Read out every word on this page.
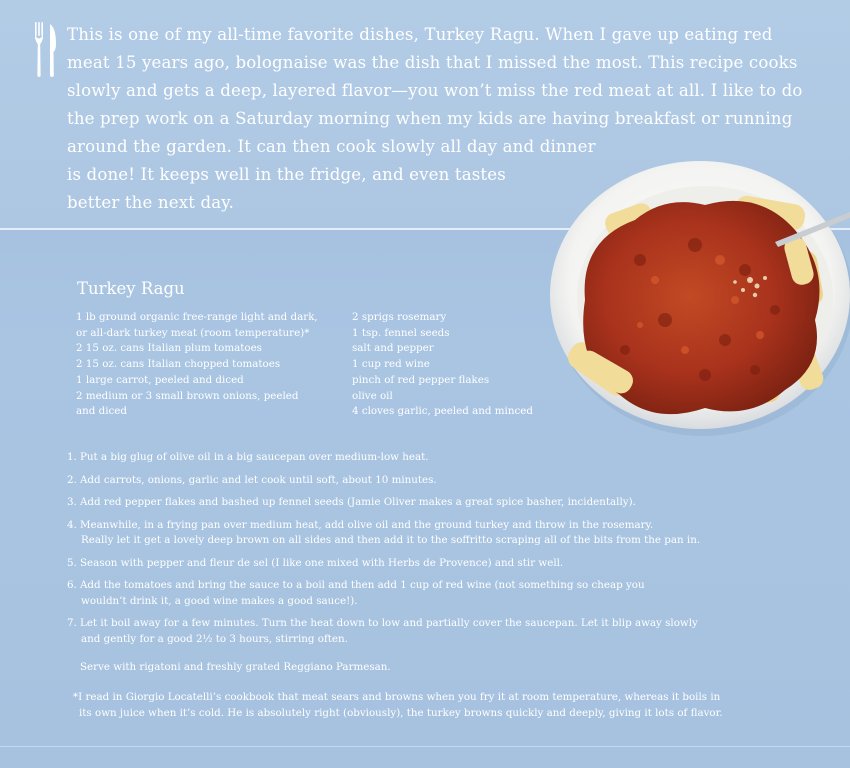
This is one of my all-time favorite dishes, Turkey Ragu. When I gave up eating red
meat 15 years ago, bolognaise was the dish that I missed the most. This recipe cooks
slowly and gets a deep, layered flavor—you won’t miss the red meat at all. I like to do
the prep work on a Saturday morning when my kids are having breakfast or running
around the garden. It can then cook slowly all day and dinner
is done! It keeps well in the fridge, and even tastes
better the next day.

Turkey Ragu
1 lb ground organic free-range light and dark,
or all-dark turkey meat (room temperature)*
2 15 oz. cans Italian plum tomatoes
2 15 oz. cans Italian chopped tomatoes
1 large carrot, peeled and diced
2 medium or 3 small brown onions, peeled
and diced
2 sprigs rosemary
1 tsp. fennel seeds
salt and pepper
1 cup red wine
pinch of red pepper flakes
olive oil
4 cloves garlic, peeled and minced
1. Put a big glug of olive oil in a big saucepan over medium-low heat.
2. Add carrots, onions, garlic and let cook until soft, about 10 minutes.
3. Add red pepper flakes and bashed up fennel seeds (Jamie Oliver makes a great spice basher, incidentally).
4. Meanwhile, in a frying pan over medium heat, add olive oil and the ground turkey and throw in the rosemary.
Really let it get a lovely deep brown on all sides and then add it to the soffritto scraping all of the bits from the pan in.
5. Season with pepper and fleur de sel (I like one mixed with Herbs de Provence) and stir well.
6. Add the tomatoes and bring the sauce to a boil and then add 1 cup of red wine (not something so cheap you
wouldn’t drink it, a good wine makes a good sauce!).
7. Let it boil away for a few minutes. Turn the heat down to low and partially cover the saucepan. Let it blip away slowly
and gently for a good 2½ to 3 hours, stirring often.

Serve with rigatoni and freshly grated Reggiano Parmesan.

*I read in Giorgio Locatelli’s cookbook that meat sears and browns when you fry it at room temperature, whereas it boils in
its own juice when it’s cold. He is absolutely right (obviously), the turkey browns quickly and deeply, giving it lots of flavor.
